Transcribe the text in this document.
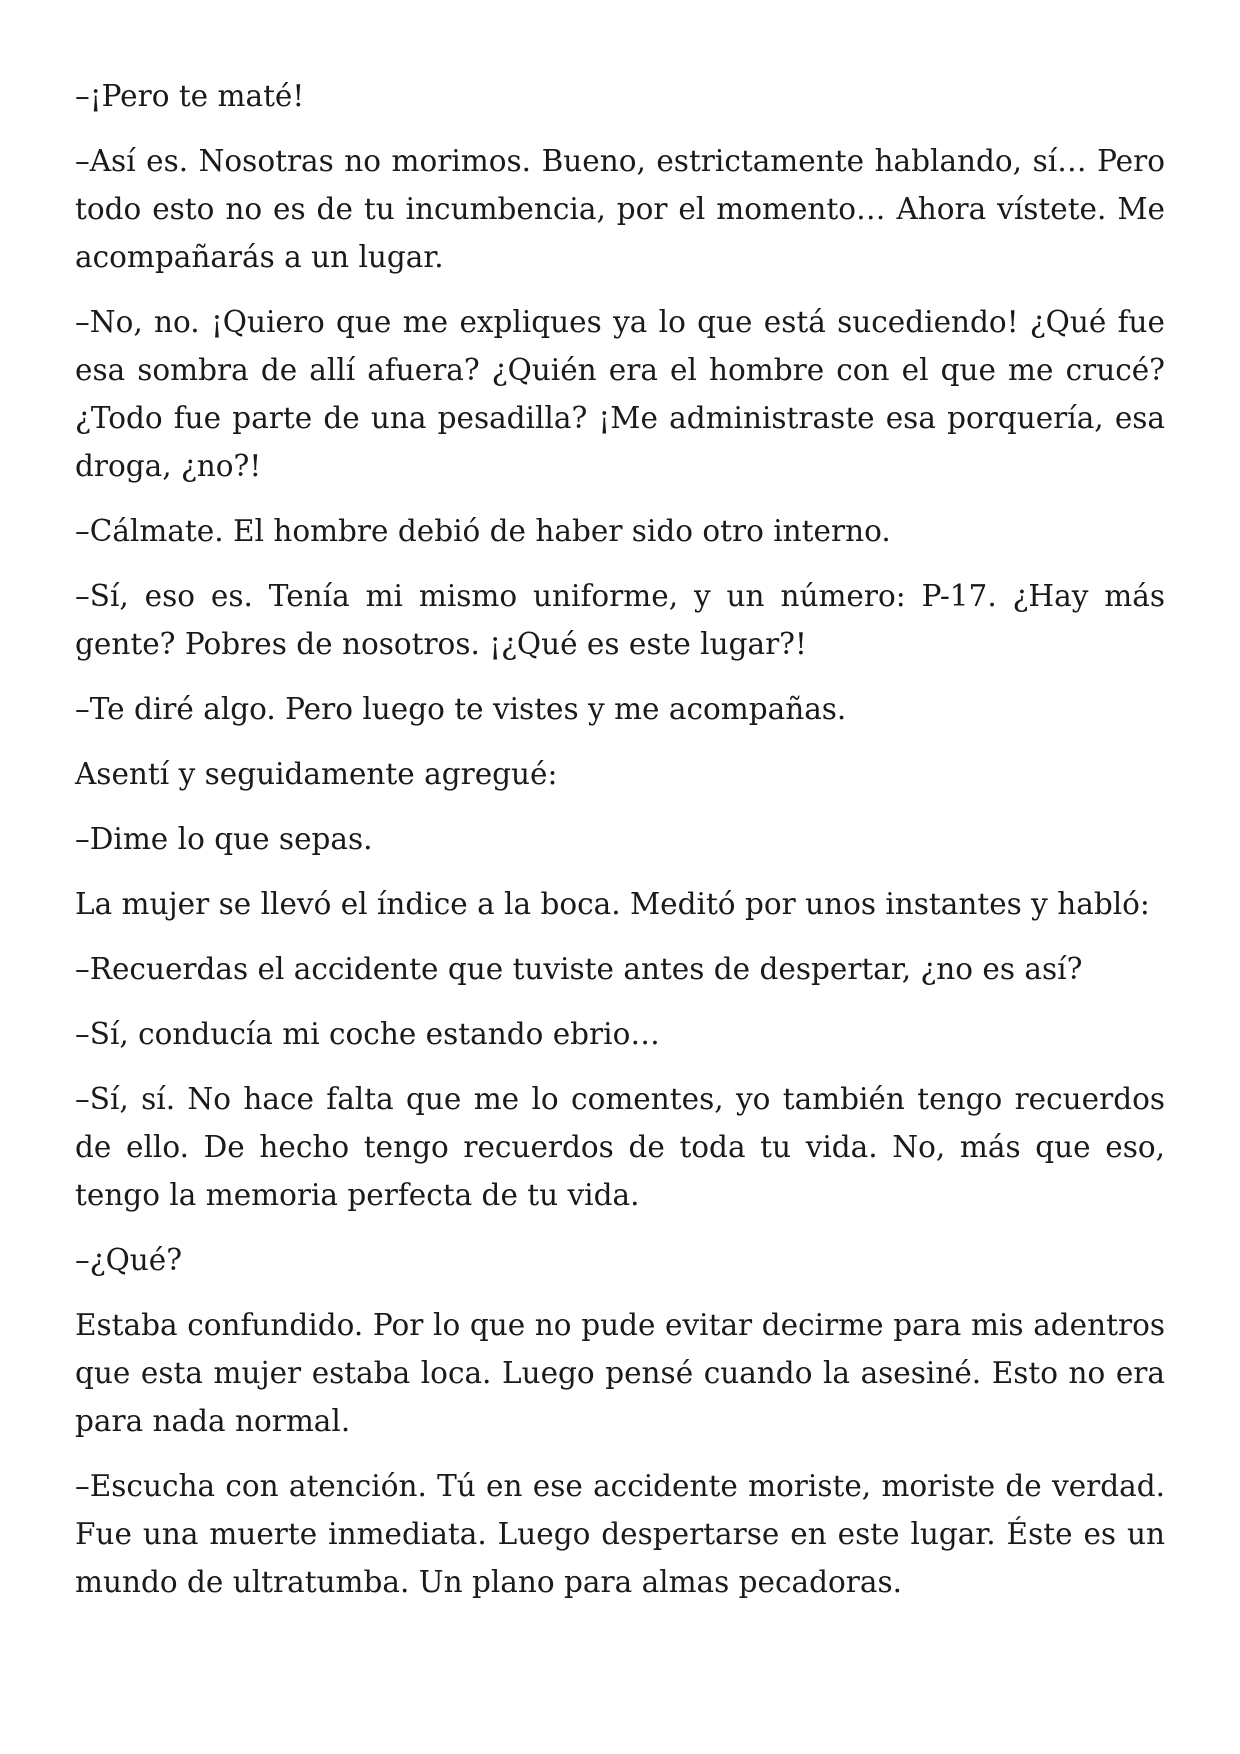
–¡Pero te maté!

–Así es. Nosotras no morimos. Bueno, estrictamente hablando, sí… Pero todo esto no es de tu incumbencia, por el momento… Ahora vístete. Me acompañarás a un lugar.

–No, no. ¡Quiero que me expliques ya lo que está sucediendo! ¿Qué fue esa sombra de allí afuera? ¿Quién era el hombre con el que me crucé? ¿Todo fue parte de una pesadilla? ¡Me administraste esa porquería, esa droga, ¿no?!

–Cálmate. El hombre debió de haber sido otro interno.

–Sí, eso es. Tenía mi mismo uniforme, y un número: P-17. ¿Hay más gente? Pobres de nosotros. ¡¿Qué es este lugar?!

–Te diré algo. Pero luego te vistes y me acompañas.

Asentí y seguidamente agregué:

–Dime lo que sepas.

La mujer se llevó el índice a la boca. Meditó por unos instantes y habló:

–Recuerdas el accidente que tuviste antes de despertar, ¿no es así?

–Sí, conducía mi coche estando ebrio…

–Sí, sí. No hace falta que me lo comentes, yo también tengo recuerdos de ello. De hecho tengo recuerdos de toda tu vida. No, más que eso, tengo la memoria perfecta de tu vida.

–¿Qué?

Estaba confundido. Por lo que no pude evitar decirme para mis adentros que esta mujer estaba loca. Luego pensé cuando la asesiné. Esto no era para nada normal.

–Escucha con atención. Tú en ese accidente moriste, moriste de verdad. Fue una muerte inmediata. Luego despertarse en este lugar. Éste es un mundo de ultratumba. Un plano para almas pecadoras.
